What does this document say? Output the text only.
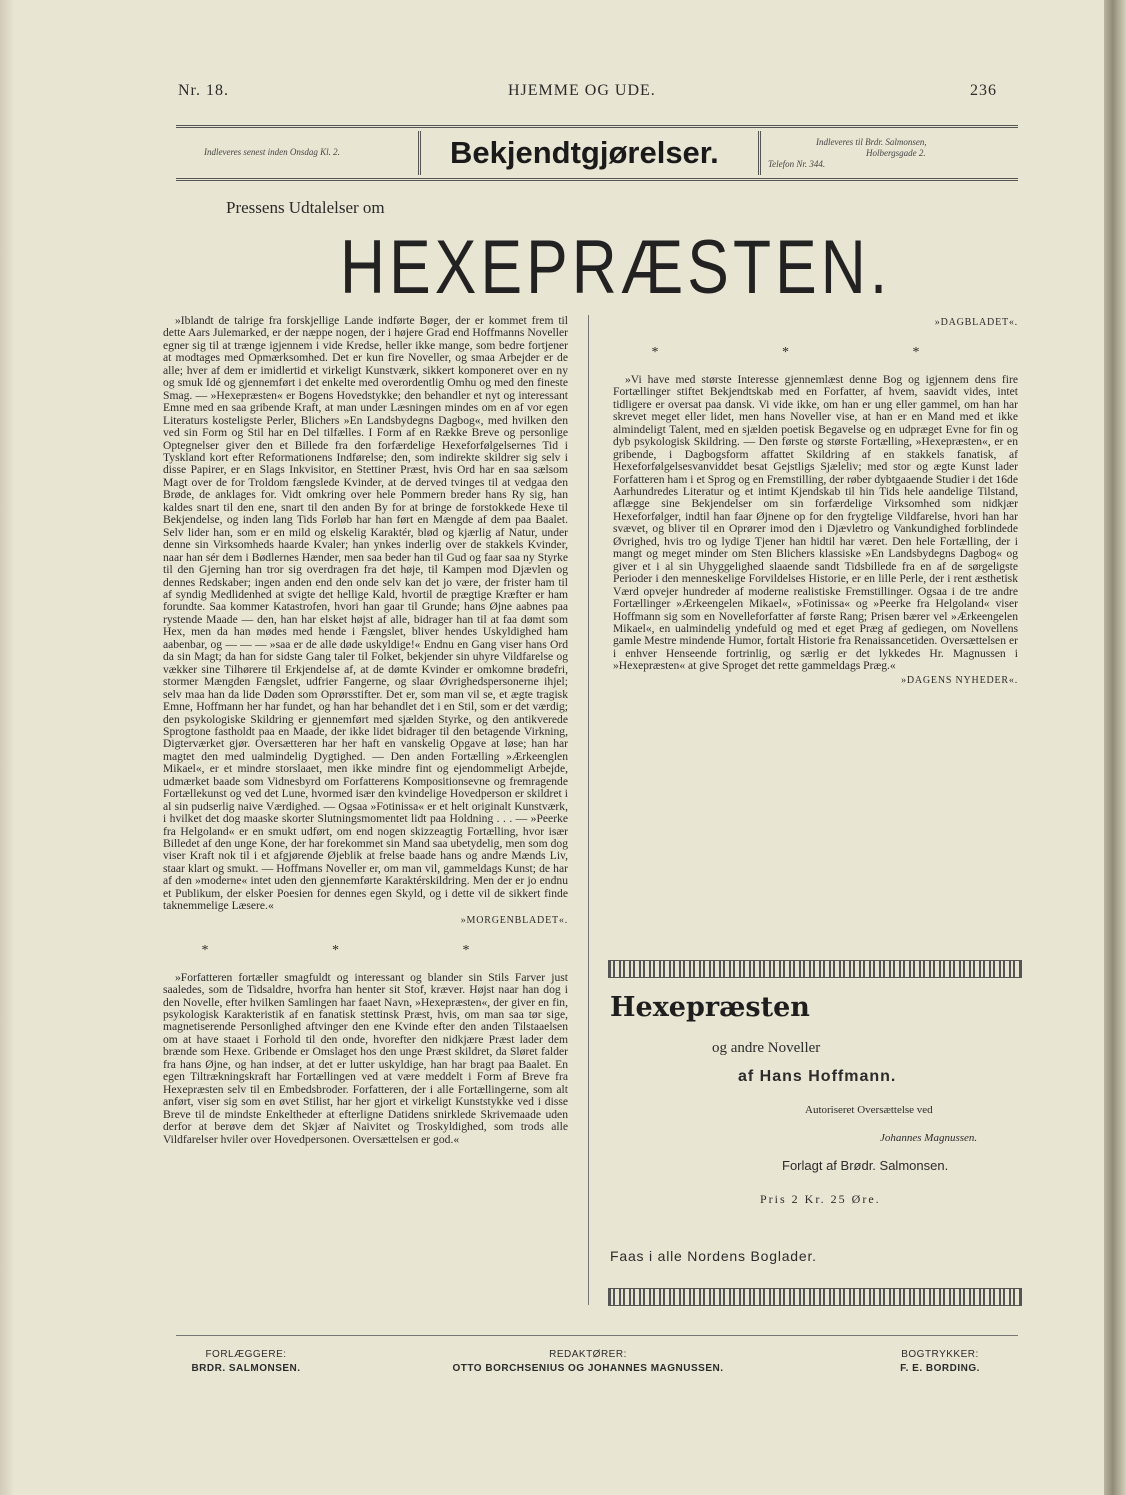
Nr. 18.	HJEMME OG UDE.	236
Indleveres senest inden Onsdag Kl. 2.	Bekjendtgjørelser.	Indleveres til Brdr. Salmonsen,
Holbergsgade 2.
Telefon Nr. 344.
Pressens Udtalelser om
HEXEPRÆSTEN.

»Iblandt de talrige fra forskjellige Lande indførte Bøger, der er kommet frem til dette Aars Julemarked, er der næppe nogen, der i højere Grad end Hoffmanns Noveller egner sig til at trænge igjennem i vide Kredse, heller ikke mange, som bedre fortjener at modtages med Opmærksomhed. Det er kun fire Noveller, og smaa Arbejder er de alle; hver af dem er imidlertid et virkeligt Kunstværk, sikkert komponeret over en ny og smuk Idé og gjennemført i det enkelte med overordentlig Omhu og med den fineste Smag. — »Hexepræsten« er Bogens Hovedstykke; den behandler et nyt og interessant Emne med en saa gribende Kraft, at man under Læsningen mindes om en af vor egen Literaturs kosteligste Perler, Blichers »En Landsbydegns Dagbog«, med hvilken den ved sin Form og Stil har en Del tilfælles. I Form af en Række Breve og personlige Optegnelser giver den et Billede fra den forfærdelige Hexeforfølgelsernes Tid i Tyskland kort efter Reformationens Indførelse; den, som indirekte skildrer sig selv i disse Papirer, er en Slags Inkvisitor, en Stettiner Præst, hvis Ord har en saa sælsom Magt over de for Troldom fængslede Kvinder, at de derved tvinges til at vedgaa den Brøde, de anklages for. Vidt omkring over hele Pommern breder hans Ry sig, han kaldes snart til den ene, snart til den anden By for at bringe de forstokkede Hexe til Bekjendelse, og inden lang Tids Forløb har han ført en Mængde af dem paa Baalet. Selv lider han, som er en mild og elskelig Karaktér, blød og kjærlig af Natur, under denne sin Virksomheds haarde Kvaler; han ynkes inderlig over de stakkels Kvinder, naar han sér dem i Bødlernes Hænder, men saa beder han til Gud og faar saa ny Styrke til den Gjerning han tror sig overdragen fra det høje, til Kampen mod Djævlen og dennes Redskaber; ingen anden end den onde selv kan det jo være, der frister ham til af syndig Medlidenhed at svigte det hellige Kald, hvortil de prægtige Kræfter er ham forundte. Saa kommer Katastrofen, hvori han gaar til Grunde; hans Øjne aabnes paa rystende Maade — den, han har elsket højst af alle, bidrager han til at faa dømt som Hex, men da han mødes med hende i Fængslet, bliver hendes Uskyldighed ham aabenbar, og — — — »saa er de alle døde uskyldige!« Endnu en Gang viser hans Ord da sin Magt; da han for sidste Gang taler til Folket, bekjender sin uhyre Vildfarelse og vækker sine Tilhørere til Erkjendelse af, at de dømte Kvinder er omkomne brødefri, stormer Mængden Fængslet, udfrier Fangerne, og slaar Øvrighedspersonerne ihjel; selv maa han da lide Døden som Oprørsstifter. Det er, som man vil se, et ægte tragisk Emne, Hoffmann her har fundet, og han har behandlet det i en Stil, som er det værdig; den psykologiske Skildring er gjennemført med sjælden Styrke, og den antikverede Sprogtone fastholdt paa en Maade, der ikke lidet bidrager til den betagende Virkning, Digterværket gjør. Oversætteren har her haft en vanskelig Opgave at løse; han har magtet den med ualmindelig Dygtighed. — Den anden Fortælling »Ærkeenglen Mikael«, er et mindre storslaaet, men ikke mindre fint og ejendommeligt Arbejde, udmærket baade som Vidnesbyrd om Forfatterens Kompositionsevne og fremragende Fortællekunst og ved det Lune, hvormed især den kvindelige Hovedperson er skildret i al sin pudserlig naive Værdighed. — Ogsaa »Fotinissa« er et helt originalt Kunstværk, i hvilket det dog maaske skorter Slutningsmomentet lidt paa Holdning . . . — »Peerke fra Helgoland« er en smukt udført, om end nogen skizzeagtig Fortælling, hvor især Billedet af den unge Kone, der har forekommet sin Mand saa ubetydelig, men som dog viser Kraft nok til i et afgjørende Øjeblik at frelse baade hans og andre Mænds Liv, staar klart og smukt. — Hoffmans Noveller er, om man vil, gammeldags Kunst; de har af den »moderne« intet uden den gjennemførte Karaktérskildring. Men der er jo endnu et Publikum, der elsker Poesien for dennes egen Skyld, og i dette vil de sikkert finde taknemmelige Læsere.«

»MORGENBLADET«.
* * *

»Forfatteren fortæller smagfuldt og interessant og blander sin Stils Farver just saaledes, som de Tidsaldre, hvorfra han henter sit Stof, kræver. Højst naar han dog i den Novelle, efter hvilken Samlingen har faaet Navn, »Hexepræsten«, der giver en fin, psykologisk Karakteristik af en fanatisk stettinsk Præst, hvis, om man saa tør sige, magnetiserende Personlighed aftvinger den ene Kvinde efter den anden Tilstaaelsen om at have staaet i Forhold til den onde, hvorefter den nidkjære Præst lader dem brænde som Hexe. Gribende er Omslaget hos den unge Præst skildret, da Sløret falder fra hans Øjne, og han indser, at det er lutter uskyldige, han har bragt paa Baalet. En egen Tiltrækningskraft har Fortællingen ved at være meddelt i Form af Breve fra Hexepræsten selv til en Embedsbroder. Forfatteren, der i alle Fortællingerne, som alt anført, viser sig som en øvet Stilist, har her gjort et virkeligt Kunststykke ved i disse Breve til de mindste Enkeltheder at efterligne Datidens snirklede Skrivemaade uden derfor at berøve dem det Skjær af Naivitet og Troskyldighed, som trods alle Vildfarelser hviler over Hovedpersonen. Oversættelsen er god.«

»DAGBLADET«.
* * *

»Vi have med største Interesse gjennemlæst denne Bog og igjennem dens fire Fortællinger stiftet Bekjendtskab med en Forfatter, af hvem, saavidt vides, intet tidligere er oversat paa dansk. Vi vide ikke, om han er ung eller gammel, om han har skrevet meget eller lidet, men hans Noveller vise, at han er en Mand med et ikke almindeligt Talent, med en sjælden poetisk Begavelse og en udpræget Evne for fin og dyb psykologisk Skildring. — Den første og største Fortælling, »Hexepræsten«, er en gribende, i Dagbogsform affattet Skildring af en stakkels fanatisk, af Hexeforfølgelsesvanviddet besat Gejstligs Sjæleliv; med stor og ægte Kunst lader Forfatteren ham i et Sprog og en Fremstilling, der røber dybtgaaende Studier i det 16de Aarhundredes Literatur og et intimt Kjendskab til hin Tids hele aandelige Tilstand, aflægge sine Bekjendelser om sin forfærdelige Virksomhed som nidkjær Hexeforfølger, indtil han faar Øjnene op for den frygtelige Vildfarelse, hvori han har svævet, og bliver til en Oprører imod den i Djævletro og Vankundighed forblindede Øvrighed, hvis tro og lydige Tjener han hidtil har været. Den hele Fortælling, der i mangt og meget minder om Sten Blichers klassiske »En Landsbydegns Dagbog« og giver et i al sin Uhyggelighed slaaende sandt Tidsbillede fra en af de sørgeligste Perioder i den menneskelige Forvildelses Historie, er en lille Perle, der i rent æsthetisk Værd opvejer hundreder af moderne realistiske Fremstillinger. Ogsaa i de tre andre Fortællinger »Ærkeengelen Mikael«, »Fotinissa« og »Peerke fra Helgoland« viser Hoffmann sig som en Novelleforfatter af første Rang; Prisen bærer vel »Ærkeengelen Mikael«, en ualmindelig yndefuld og med et eget Præg af gediegen, om Novellens gamle Mestre mindende Humor, fortalt Historie fra Renaissancetiden. Oversættelsen er i enhver Henseende fortrinlig, og særlig er det lykkedes Hr. Magnussen i »Hexepræsten« at give Sproget det rette gammeldags Præg.«

»DAGENS NYHEDER«.
Hexepræsten
og andre Noveller
af Hans Hoffmann.
Autoriseret Oversættelse ved
Johannes Magnussen.
Forlagt af Brødr. Salmonsen.
Pris 2 Kr. 25 Øre.
Faas i alle Nordens Boglader.
FORLÆGGERE:
BRDR. SALMONSEN.
REDAKTØRER:
OTTO BORCHSENIUS OG JOHANNES MAGNUSSEN.
BOGTRYKKER:
F. E. BORDING.
